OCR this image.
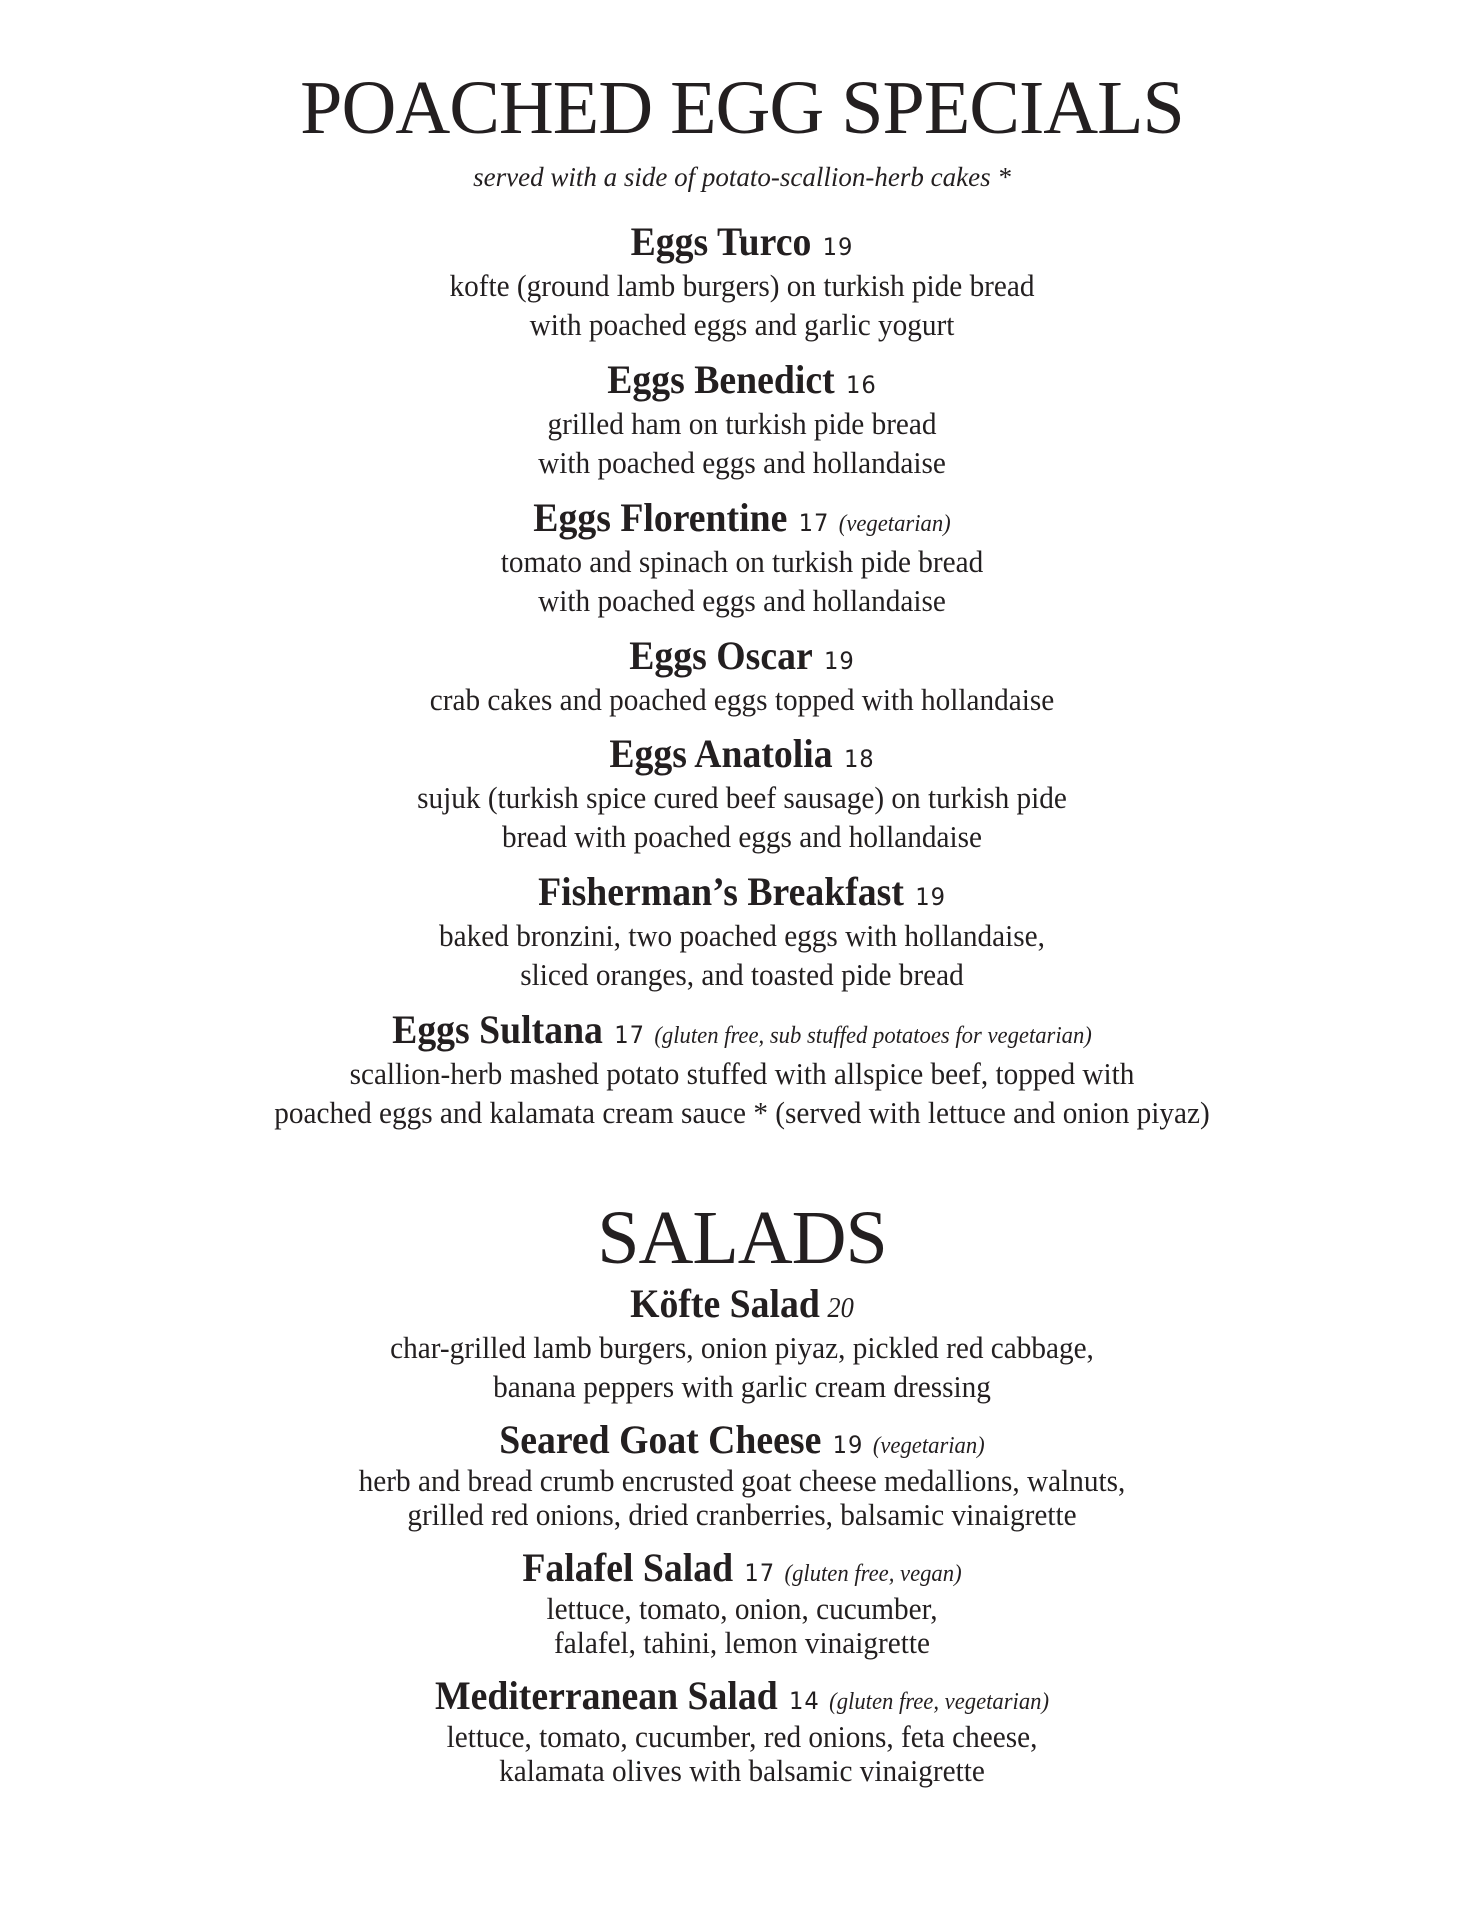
POACHED EGG SPECIALS
served with a side of potato-scallion-herb cakes *
Eggs Turco 19
kofte (ground lamb burgers) on turkish pide bread
with poached eggs and garlic yogurt
Eggs Benedict 16
grilled ham on turkish pide bread
with poached eggs and hollandaise
Eggs Florentine 17 (vegetarian)
tomato and spinach on turkish pide bread
with poached eggs and hollandaise
Eggs Oscar 19
crab cakes and poached eggs topped with hollandaise
Eggs Anatolia 18
sujuk (turkish spice cured beef sausage) on turkish pide
bread with poached eggs and hollandaise
Fisherman’s Breakfast 19
baked bronzini, two poached eggs with hollandaise,
sliced oranges, and toasted pide bread
Eggs Sultana 17 (gluten free, sub stuffed potatoes for vegetarian)
scallion-herb mashed potato stuffed with allspice beef, topped with
poached eggs and kalamata cream sauce * (served with lettuce and onion piyaz)
SALADS
Köfte Salad 20
char-grilled lamb burgers, onion piyaz, pickled red cabbage,
banana peppers with garlic cream dressing
Seared Goat Cheese 19 (vegetarian)
herb and bread crumb encrusted goat cheese medallions, walnuts,
grilled red onions, dried cranberries, balsamic vinaigrette
Falafel Salad 17 (gluten free, vegan)
lettuce, tomato, onion, cucumber,
falafel, tahini, lemon vinaigrette
Mediterranean Salad 14 (gluten free, vegetarian)
lettuce, tomato, cucumber, red onions, feta cheese,
kalamata olives with balsamic vinaigrette
